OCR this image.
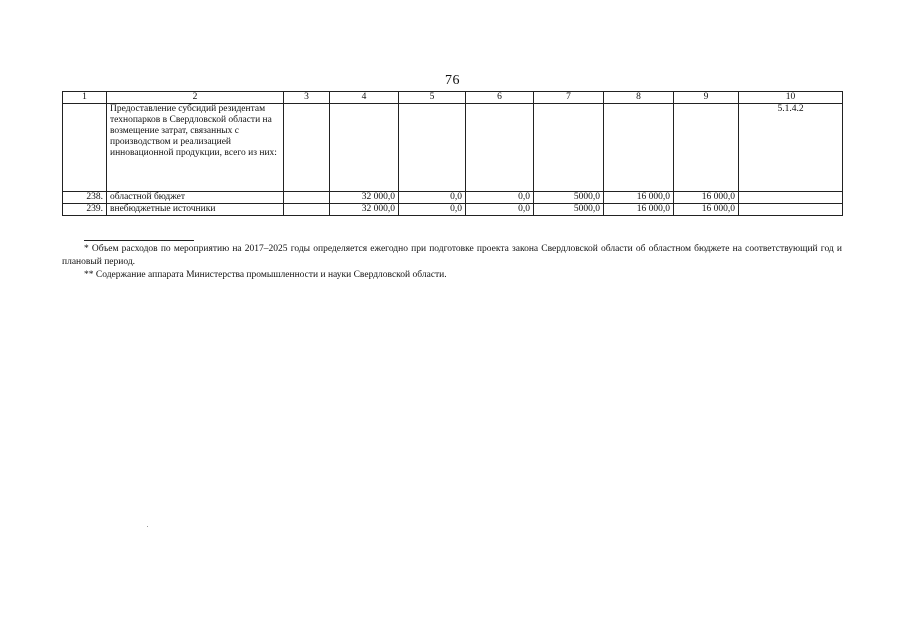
76
1	2	3	4	5	6	7	8	9	10
	Предоставление субсидий резидентам технопарков в Свердловской области на возмещение затрат, связанных с производством и реализацией инновационной продукции, всего из них:								5.1.4.2
238.	областной бюджет		32 000,0	0,0	0,0	5000,0	16 000,0	16 000,0	
239.	внебюджетные источники		32 000,0	0,0	0,0	5000,0	16 000,0	16 000,0	

* Объем расходов по мероприятию на 2017–2025 годы определяется ежегодно при подготовке проекта закона Свердловской области об областном бюджете на соответствующий год и плановый период.

** Содержание аппарата Министерства промышленности и науки Свердловской области.
